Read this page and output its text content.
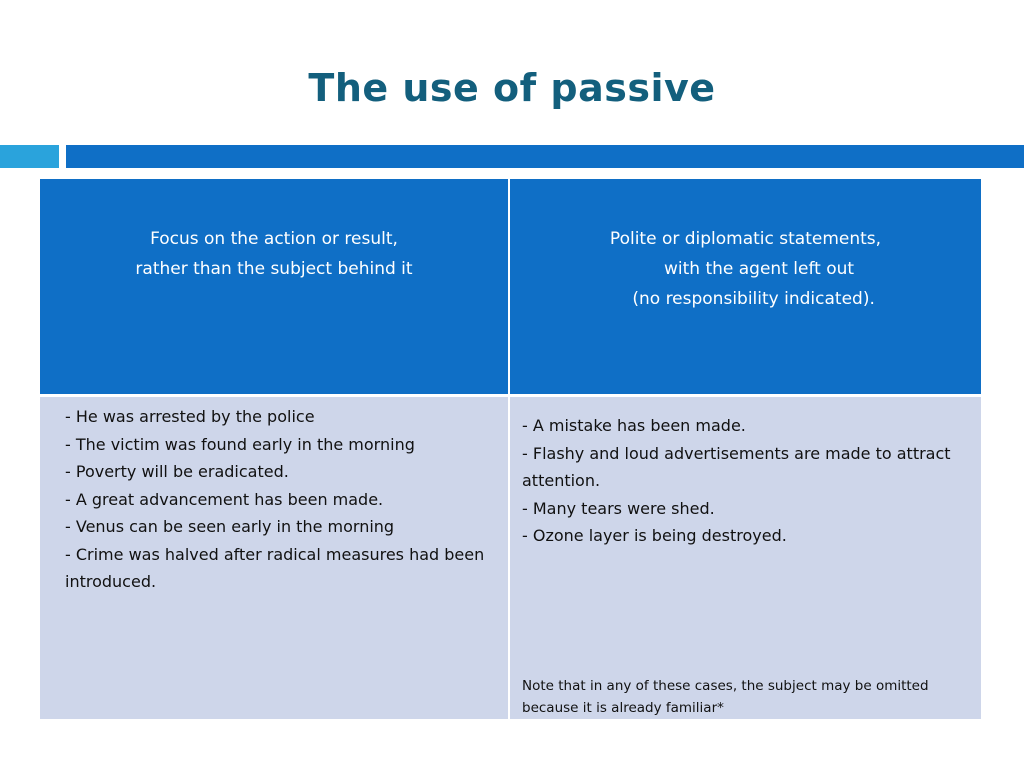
The use of passive
Focus on the action or result,
rather than the subject behind it
Polite or diplomatic statements,
with the agent left out
(no responsibility indicated).
- He was arrested by the police
- The victim was found early in the morning
- Poverty will be eradicated.
- A great advancement has been made.
- Venus can be seen early in the morning
- Crime was halved after radical measures had been introduced.
- A mistake has been made.
- Flashy and loud advertisements are made to attract attention.
- Many tears were shed.
- Ozone layer is being destroyed.
Note that in any of these cases, the subject may be omitted because it is already familiar*
